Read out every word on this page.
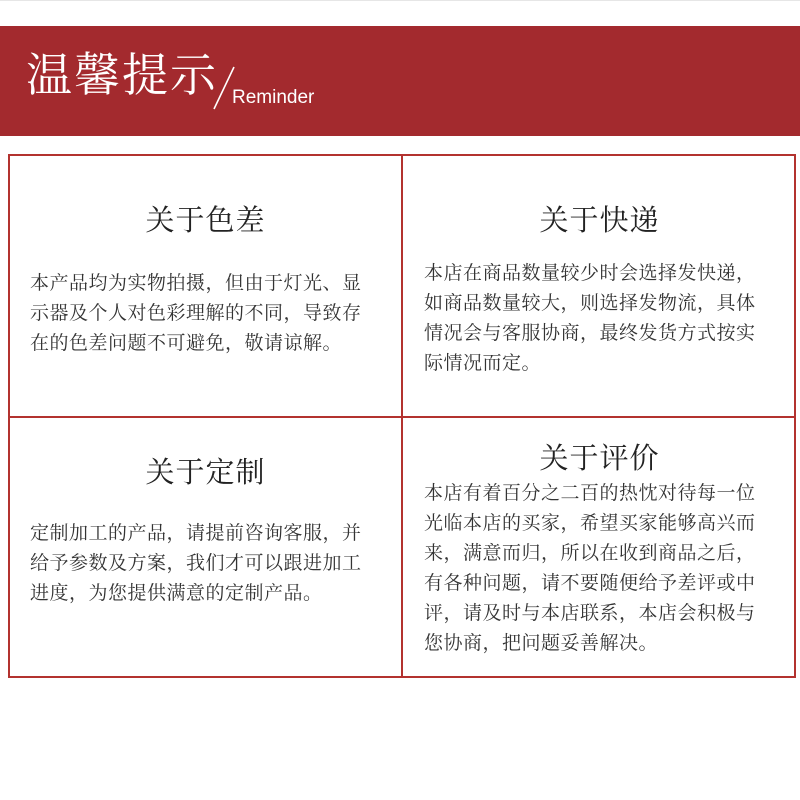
温馨提示 Reminder
关于色差
本产品均为实物拍摄，但由于灯光、显
示器及个人对色彩理解的不同，导致存
在的色差问题不可避免，敬请谅解。
关于快递
本店在商品数量较少时会选择发快递，
如商品数量较大，则选择发物流，具体
情况会与客服协商，最终发货方式按实
际情况而定。
关于定制
定制加工的产品，请提前咨询客服，并
给予参数及方案，我们才可以跟进加工
进度，为您提供满意的定制产品。
关于评价
本店有着百分之二百的热忱对待每一位
光临本店的买家，希望买家能够高兴而
来，满意而归，所以在收到商品之后，
有各种问题，请不要随便给予差评或中
评，请及时与本店联系，本店会积极与
您协商，把问题妥善解决。
